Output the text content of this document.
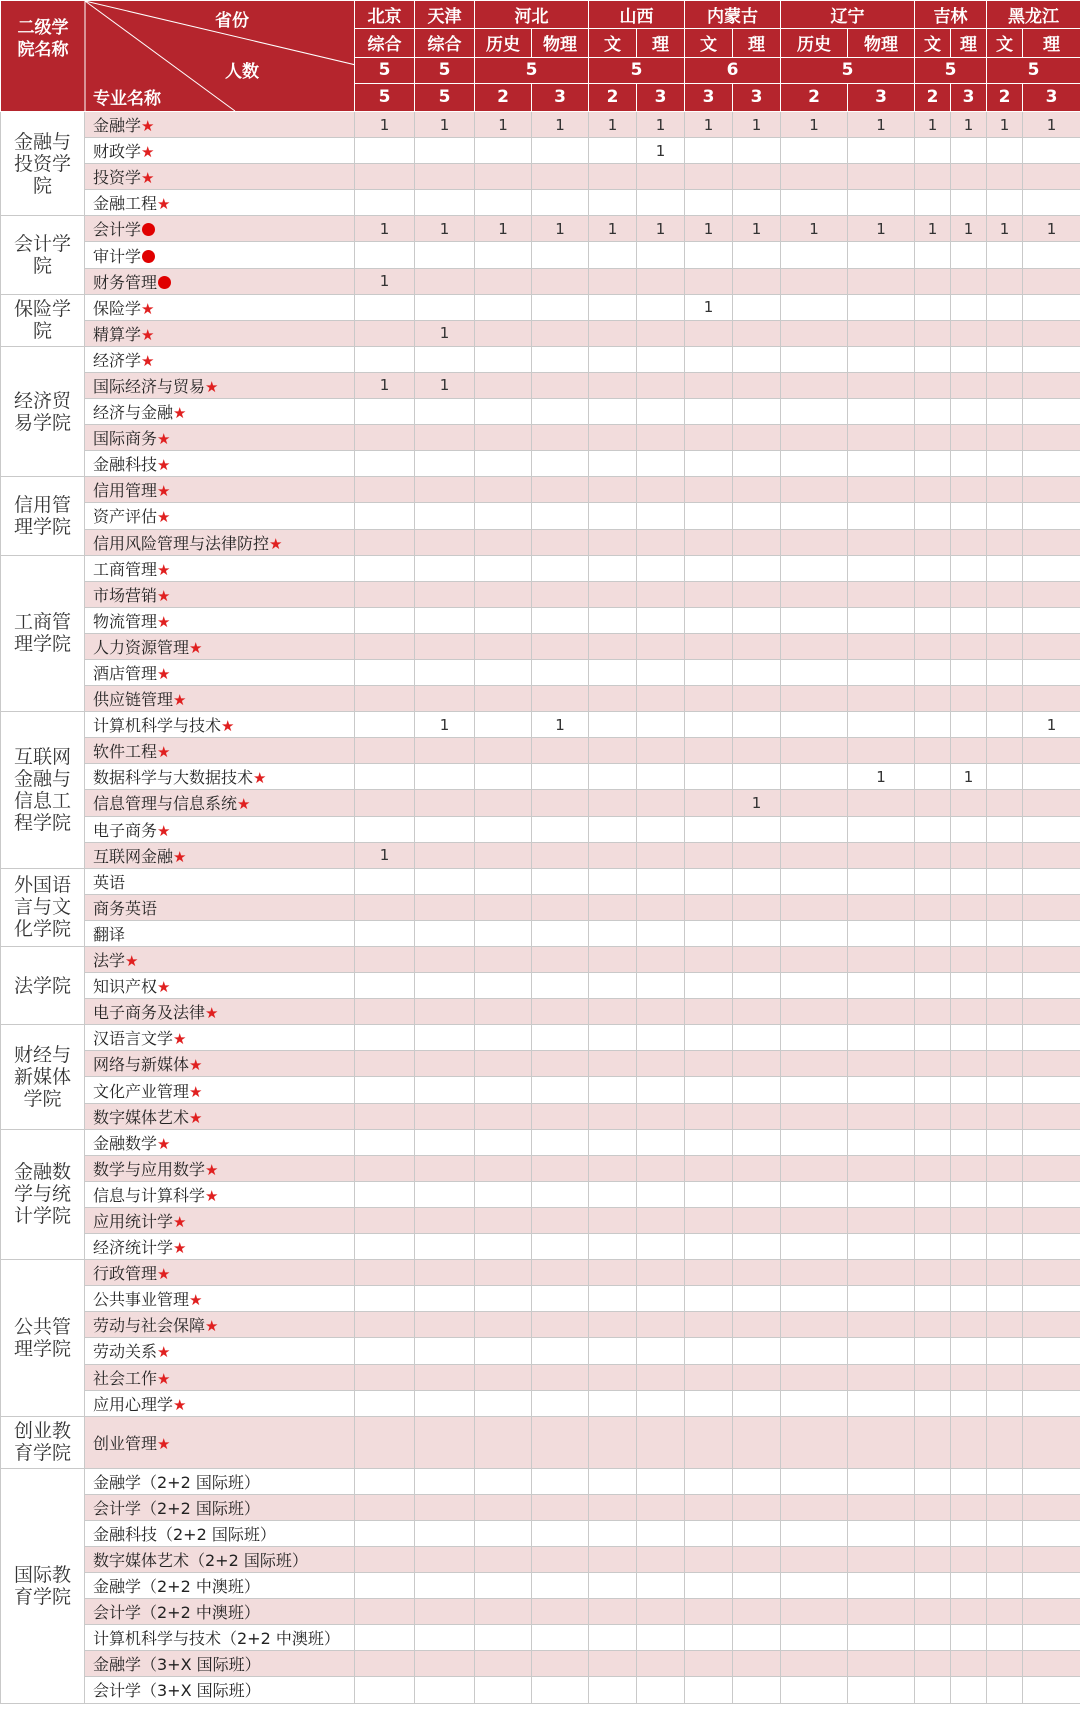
二级学院名称
省份
人数
专业名称		北京	天津	河北		山西		内蒙古		辽宁		吉林		黑龙江	
		综合	综合	历史	物理	文	理	文	理	历史	物理	文	理	文	理
		5	5	5		5		6		5		5		5	
		5	5	2	3	2	3	3	3	2	3	2	3	2	3
金融与投资学院	金融学★	1	1	1	1	1	1	1	1	1	1	1	1	1	1
	财政学★						1								
	投资学★														
	金融工程★														
会计学院	会计学	1	1	1	1	1	1	1	1	1	1	1	1	1	1
	审计学														
	财务管理	1													
保险学院	保险学★							1							
	精算学★		1												
经济贸易学院	经济学★														
	国际经济与贸易★	1	1												
	经济与金融★														
	国际商务★														
	金融科技★														
信用管理学院	信用管理★														
	资产评估★														
	信用风险管理与法律防控★														
工商管理学院	工商管理★														
	市场营销★														
	物流管理★														
	人力资源管理★														
	酒店管理★														
	供应链管理★														
互联网金融与信息工程学院	计算机科学与技术★		1		1										1
	软件工程★														
	数据科学与大数据技术★										1		1		
	信息管理与信息系统★								1						
	电子商务★														
	互联网金融★	1													
外国语言与文化学院	英语														
	商务英语														
	翻译														
法学院	法学★														
	知识产权★														
	电子商务及法律★														
财经与新媒体学院	汉语言文学★														
	网络与新媒体★														
	文化产业管理★														
	数字媒体艺术★														
金融数学与统计学院	金融数学★														
	数学与应用数学★														
	信息与计算科学★														
	应用统计学★														
	经济统计学★														
公共管理学院	行政管理★														
	公共事业管理★														
	劳动与社会保障★														
	劳动关系★														
	社会工作★														
	应用心理学★														
创业教育学院	创业管理★														
国际教育学院	金融学（2+2 国际班）														
	会计学（2+2 国际班）														
	金融科技（2+2 国际班）														
	数字媒体艺术（2+2 国际班）														
	金融学（2+2 中澳班）														
	会计学（2+2 中澳班）														
	计算机科学与技术（2+2 中澳班）														
	金融学（3+X 国际班）														
	会计学（3+X 国际班）														
